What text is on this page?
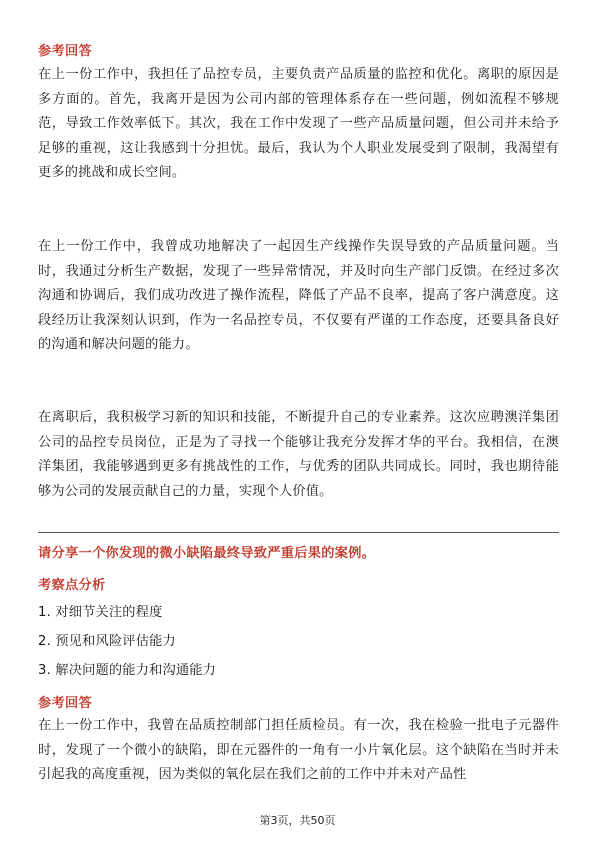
参考回答
在上一份工作中，我担任了品控专员，主要负责产品质量的监控和优化。离职的原因是多方面的。首先，我离开是因为公司内部的管理体系存在一些问题，例如流程不够规范，导致工作效率低下。其次，我在工作中发现了一些产品质量问题，但公司并未给予足够的重视，这让我感到十分担忧。最后，我认为个人职业发展受到了限制，我渴望有更多的挑战和成长空间。
在上一份工作中，我曾成功地解决了一起因生产线操作失误导致的产品质量问题。当时，我通过分析生产数据，发现了一些异常情况，并及时向生产部门反馈。在经过多次沟通和协调后，我们成功改进了操作流程，降低了产品不良率，提高了客户满意度。这段经历让我深刻认识到，作为一名品控专员，不仅要有严谨的工作态度，还要具备良好的沟通和解决问题的能力。
在离职后，我积极学习新的知识和技能，不断提升自己的专业素养。这次应聘澳洋集团公司的品控专员岗位，正是为了寻找一个能够让我充分发挥才华的平台。我相信，在澳洋集团，我能够遇到更多有挑战性的工作，与优秀的团队共同成长。同时，我也期待能够为公司的发展贡献自己的力量，实现个人价值。
请分享一个你发现的微小缺陷最终导致严重后果的案例。
考察点分析
1. 对细节关注的程度
2. 预见和风险评估能力
3. 解决问题的能力和沟通能力
参考回答
在上一份工作中，我曾在品质控制部门担任质检员。有一次，我在检验一批电子元器件时，发现了一个微小的缺陷，即在元器件的一角有一小片氧化层。这个缺陷在当时并未引起我的高度重视，因为类似的氧化层在我们之前的工作中并未对产品性
第3页，共50页
